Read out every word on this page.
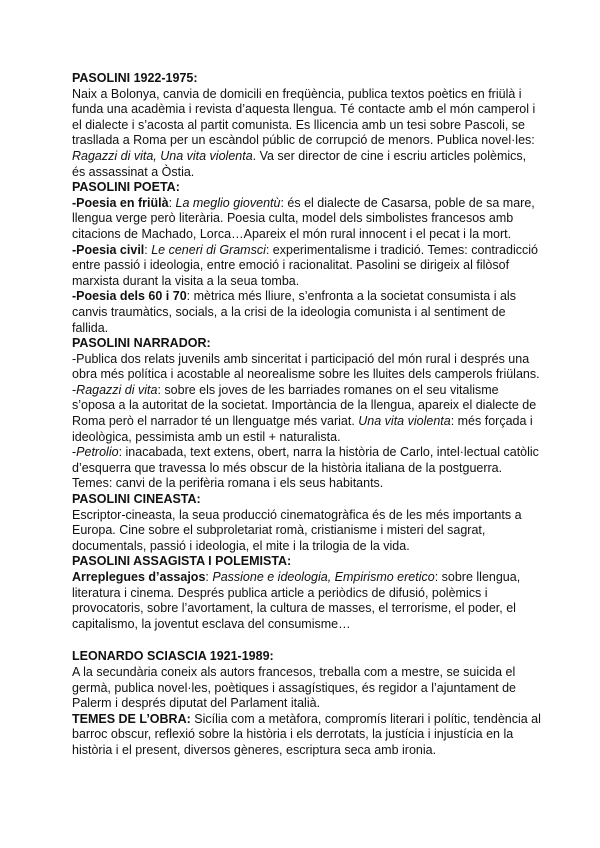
PASOLINI 1922-1975:

Naix a Bolonya, canvia de domicili en freqüència, publica textos poètics en friülà i funda una acadèmia i revista d’aquesta llengua. Té contacte amb el món camperol i el dialecte i s’acosta al partit comunista. Es llicencia amb un tesi sobre Pascoli, se trasllada a Roma per un escàndol públic de corrupció de menors. Publica novel·les: Ragazzi di vita, Una vita violenta. Va ser director de cine i escriu articles polèmics, és assassinat a Òstia.

PASOLINI POETA:

-Poesia en friülà: La meglio gioventù: és el dialecte de Casarsa, poble de sa mare, llengua verge però literària. Poesia culta, model dels simbolistes francesos amb citacions de Machado, Lorca…Apareix el món rural innocent i el pecat i la mort.

-Poesia civil: Le ceneri di Gramsci: experimentalisme i tradició. Temes: contradicció entre passió i ideologia, entre emoció i racionalitat. Pasolini se dirigeix al filòsof marxista durant la visita a la seua tomba.

-Poesia dels 60 i 70: mètrica més lliure, s’enfronta a la societat consumista i als canvis traumàtics, socials, a la crisi de la ideologia comunista i al sentiment de fallida.

PASOLINI NARRADOR:

-Publica dos relats juvenils amb sinceritat i participació del món rural i després una obra més política i acostable al neorealisme sobre les lluites dels camperols friülans.

-Ragazzi di vita: sobre els joves de les barriades romanes on el seu vitalisme s’oposa a la autoritat de la societat. Importància de la llengua, apareix el dialecte de Roma però el narrador té un llenguatge més variat. Una vita violenta: més forçada i ideològica, pessimista amb un estil + naturalista.

-Petrolio: inacabada, text extens, obert, narra la història de Carlo, intel·lectual catòlic d’esquerra que travessa lo més obscur de la història italiana de la postguerra. Temes: canvi de la perifèria romana i els seus habitants.

PASOLINI CINEASTA:

Escriptor-cineasta, la seua producció cinematogràfica és de les més importants a Europa. Cine sobre el subproletariat romà, cristianisme i misteri del sagrat, documentals, passió i ideologia, el mite i la trilogia de la vida.

PASOLINI ASSAGISTA I POLEMISTA:

Arreplegues d’assajos: Passione e ideologia, Empirismo eretico: sobre llengua, literatura i cinema. Després publica article a periòdics de difusió, polèmics i provocatoris, sobre l’avortament, la cultura de masses, el terrorisme, el poder, el capitalismo, la joventut esclava del consumisme…

LEONARDO SCIASCIA 1921-1989:

A la secundària coneix als autors francesos, treballa com a mestre, se suicida el germà, publica novel·les, poètiques i assagístiques, és regidor a l’ajuntament de Palerm i després diputat del Parlament italià.

TEMES DE L’OBRA: Sicília com a metàfora, compromís literari i polític, tendència al barroc obscur, reflexió sobre la història i els derrotats, la justícia i injustícia en la història i el present, diversos gèneres, escriptura seca amb ironia.
